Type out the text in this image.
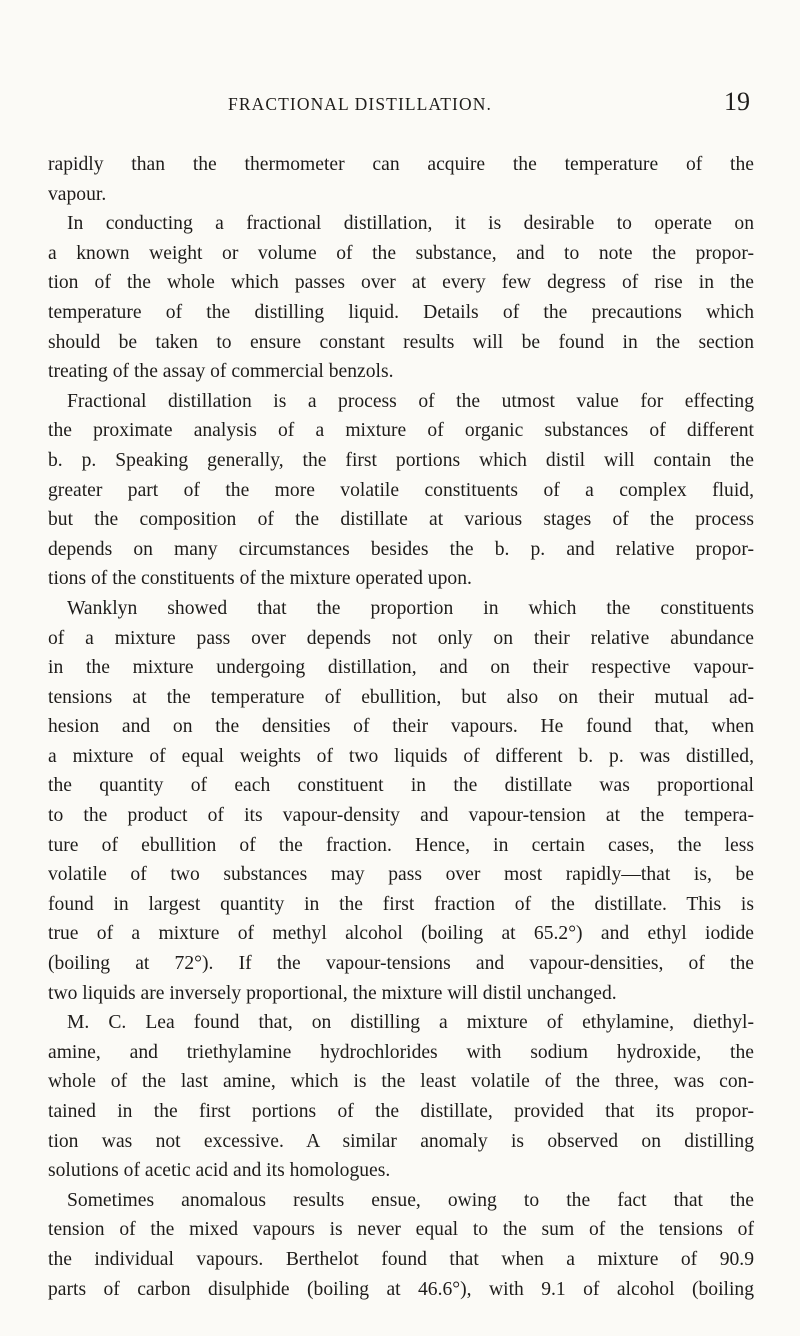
FRACTIONAL DISTILLATION.	19
rapidly than the thermometer can acquire the temperature of the
vapour.
In conducting a fractional distillation, it is desirable to operate on
a known weight or volume of the substance, and to note the propor-
tion of the whole which passes over at every few degress of rise in the
temperature of the distilling liquid. Details of the precautions which
should be taken to ensure constant results will be found in the section
treating of the assay of commercial benzols.
Fractional distillation is a process of the utmost value for effecting
the proximate analysis of a mixture of organic substances of different
b. p. Speaking generally, the first portions which distil will contain the
greater part of the more volatile constituents of a complex fluid,
but the composition of the distillate at various stages of the process
depends on many circumstances besides the b. p. and relative propor-
tions of the constituents of the mixture operated upon.
Wanklyn showed that the proportion in which the constituents
of a mixture pass over depends not only on their relative abundance
in the mixture undergoing distillation, and on their respective vapour-
tensions at the temperature of ebullition, but also on their mutual ad-
hesion and on the densities of their vapours. He found that, when
a mixture of equal weights of two liquids of different b. p. was distilled,
the quantity of each constituent in the distillate was proportional
to the product of its vapour-density and vapour-tension at the tempera-
ture of ebullition of the fraction. Hence, in certain cases, the less
volatile of two substances may pass over most rapidly—that is, be
found in largest quantity in the first fraction of the distillate. This is
true of a mixture of methyl alcohol (boiling at 65.2°) and ethyl iodide
(boiling at 72°). If the vapour-tensions and vapour-densities, of the
two liquids are inversely proportional, the mixture will distil unchanged.
M. C. Lea found that, on distilling a mixture of ethylamine, diethyl-
amine, and triethylamine hydrochlorides with sodium hydroxide, the
whole of the last amine, which is the least volatile of the three, was con-
tained in the first portions of the distillate, provided that its propor-
tion was not excessive. A similar anomaly is observed on distilling
solutions of acetic acid and its homologues.
Sometimes anomalous results ensue, owing to the fact that the
tension of the mixed vapours is never equal to the sum of the tensions of
the individual vapours. Berthelot found that when a mixture of 90.9
parts of carbon disulphide (boiling at 46.6°), with 9.1 of alcohol (boiling
